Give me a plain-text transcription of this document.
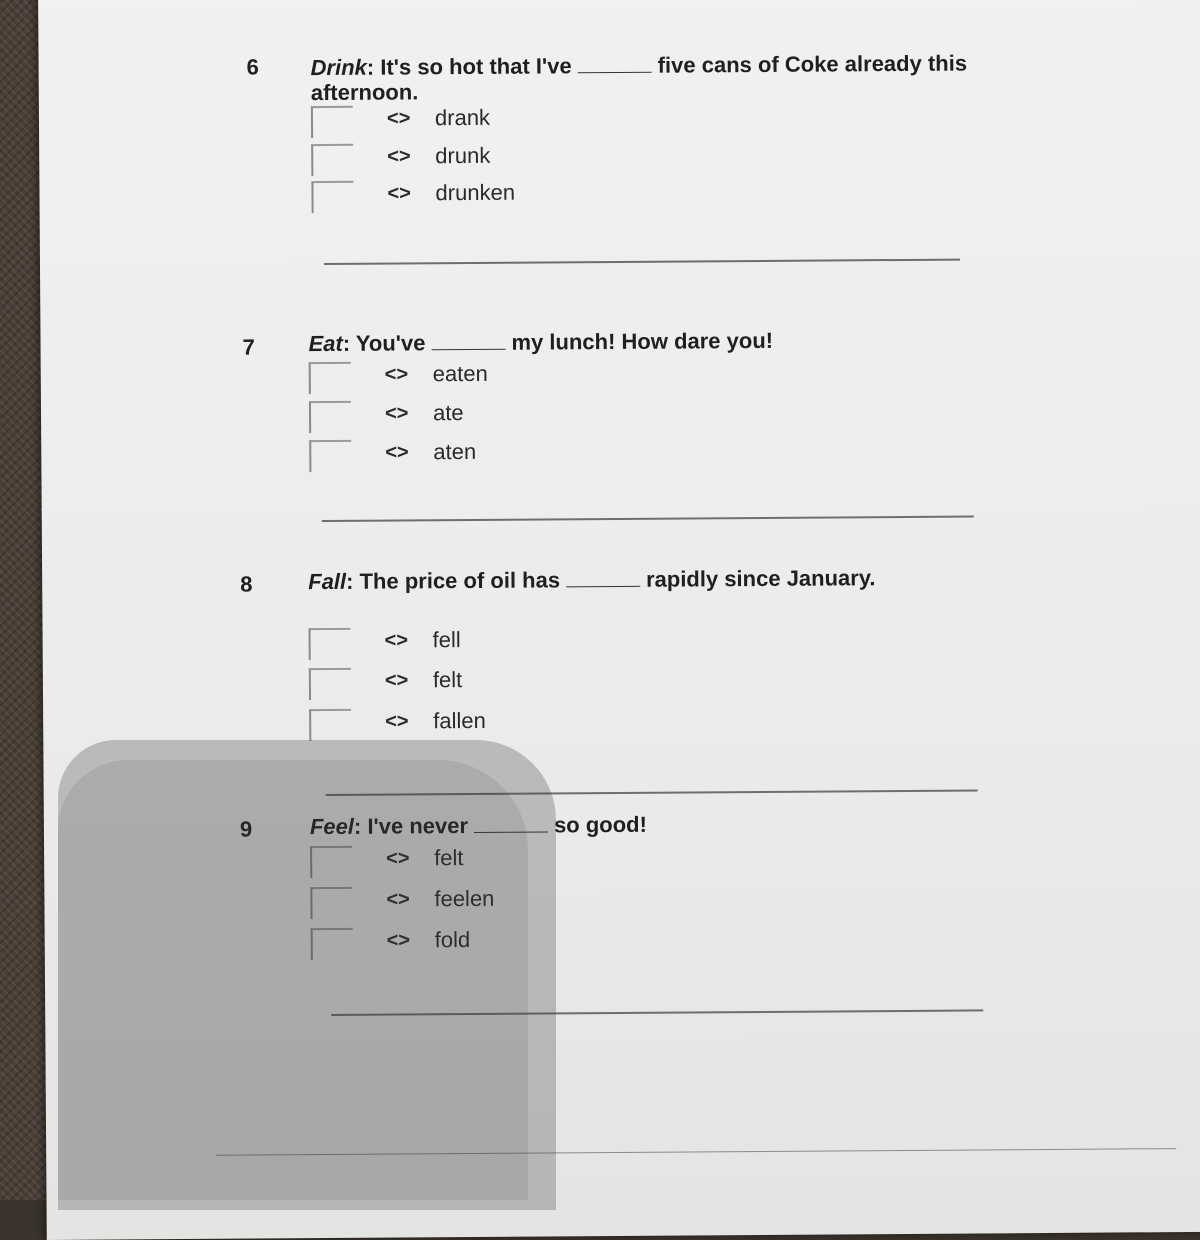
6 Drink: It's so hot that I've	five cans of Coke already this
afternoon.
<> drank
<> drunk
<> drunken
7 Eat: You've	my lunch! How dare you!
<> eaten
<> ate
<> aten
8	Fall: The price of oil has	rapidly since January.
<> fell
<> felt
<> fallen
9	Feel: I've never	so good!
<> felt
<> feelen
<> fold
